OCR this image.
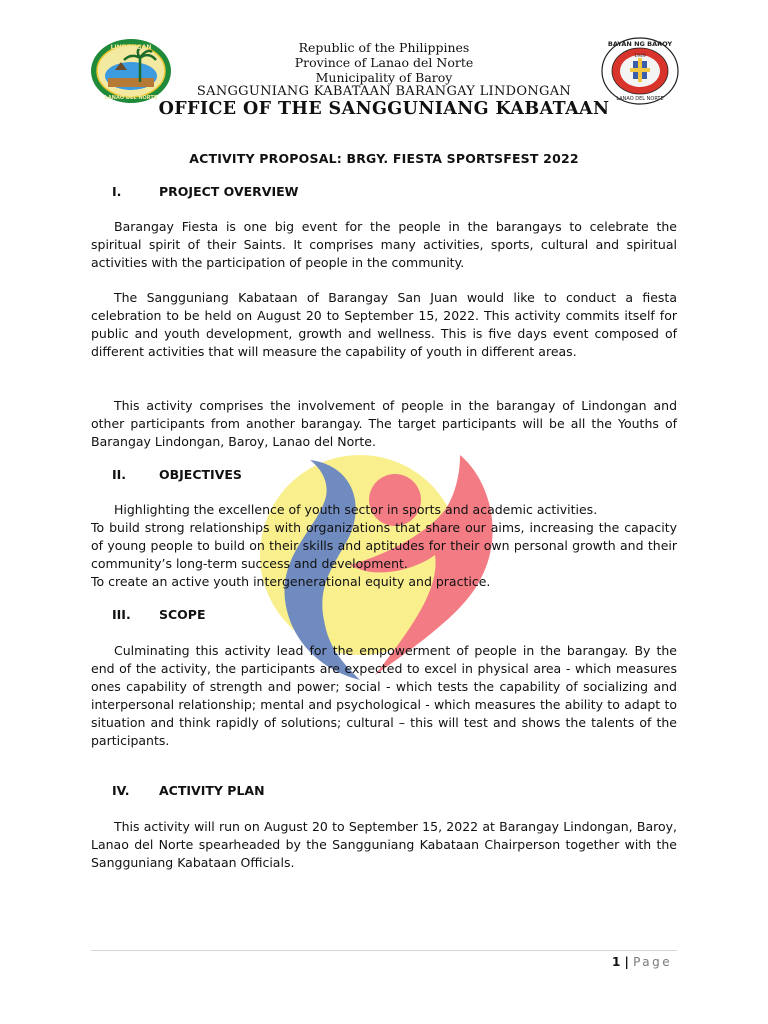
LINDONGAN
LANAO DEL NORTE
BAYAN NG BAROY
1949
LANAO DEL NORTE
Republic of the Philippines
Province of Lanao del Norte
Municipality of Baroy
SANGGUNIANG KABATAAN BARANGAY LINDONGAN
OFFICE OF THE SANGGUNIANG KABATAAN
ACTIVITY PROPOSAL: BRGY. FIESTA SPORTSFEST 2022
I.	PROJECT OVERVIEW

Barangay Fiesta is one big event for the people in the barangays to celebrate the spiritual spirit of their Saints. It comprises many activities, sports, cultural and spiritual activities with the participation of people in the community.

The Sangguniang Kabataan of Barangay San Juan would like to conduct a fiesta celebration to be held on August 20 to September 15, 2022. This activity commits itself for public and youth development, growth and wellness. This is five days event composed of different activities that will measure the capability of youth in different areas.

This activity comprises the involvement of people in the barangay of Lindongan and other participants from another barangay. The target participants will be all the Youths of Barangay Lindongan, Baroy, Lanao del Norte.

II.	OBJECTIVES

Highlighting the excellence of youth sector in sports and academic activities.

To build strong relationships with organizations that share our aims, increasing the capacity of young people to build on their skills and aptitudes for their own personal growth and their community’s long-term success and development.

To create an active youth intergenerational equity and practice.

III. SCOPE

Culminating this activity lead for the empowerment of people in the barangay. By the end of the activity, the participants are expected to excel in physical area - which measures ones capability of strength and power; social - which tests the capability of socializing and interpersonal relationship; mental and psychological - which measures the ability to adapt to situation and think rapidly of solutions; cultural – this will test and shows the talents of the participants.

IV. ACTIVITY PLAN

This activity will run on August 20 to September 15, 2022 at Barangay Lindongan, Baroy, Lanao del Norte spearheaded by the Sangguniang Kabataan Chairperson together with the Sangguniang Kabataan Officials.

1 | Page
